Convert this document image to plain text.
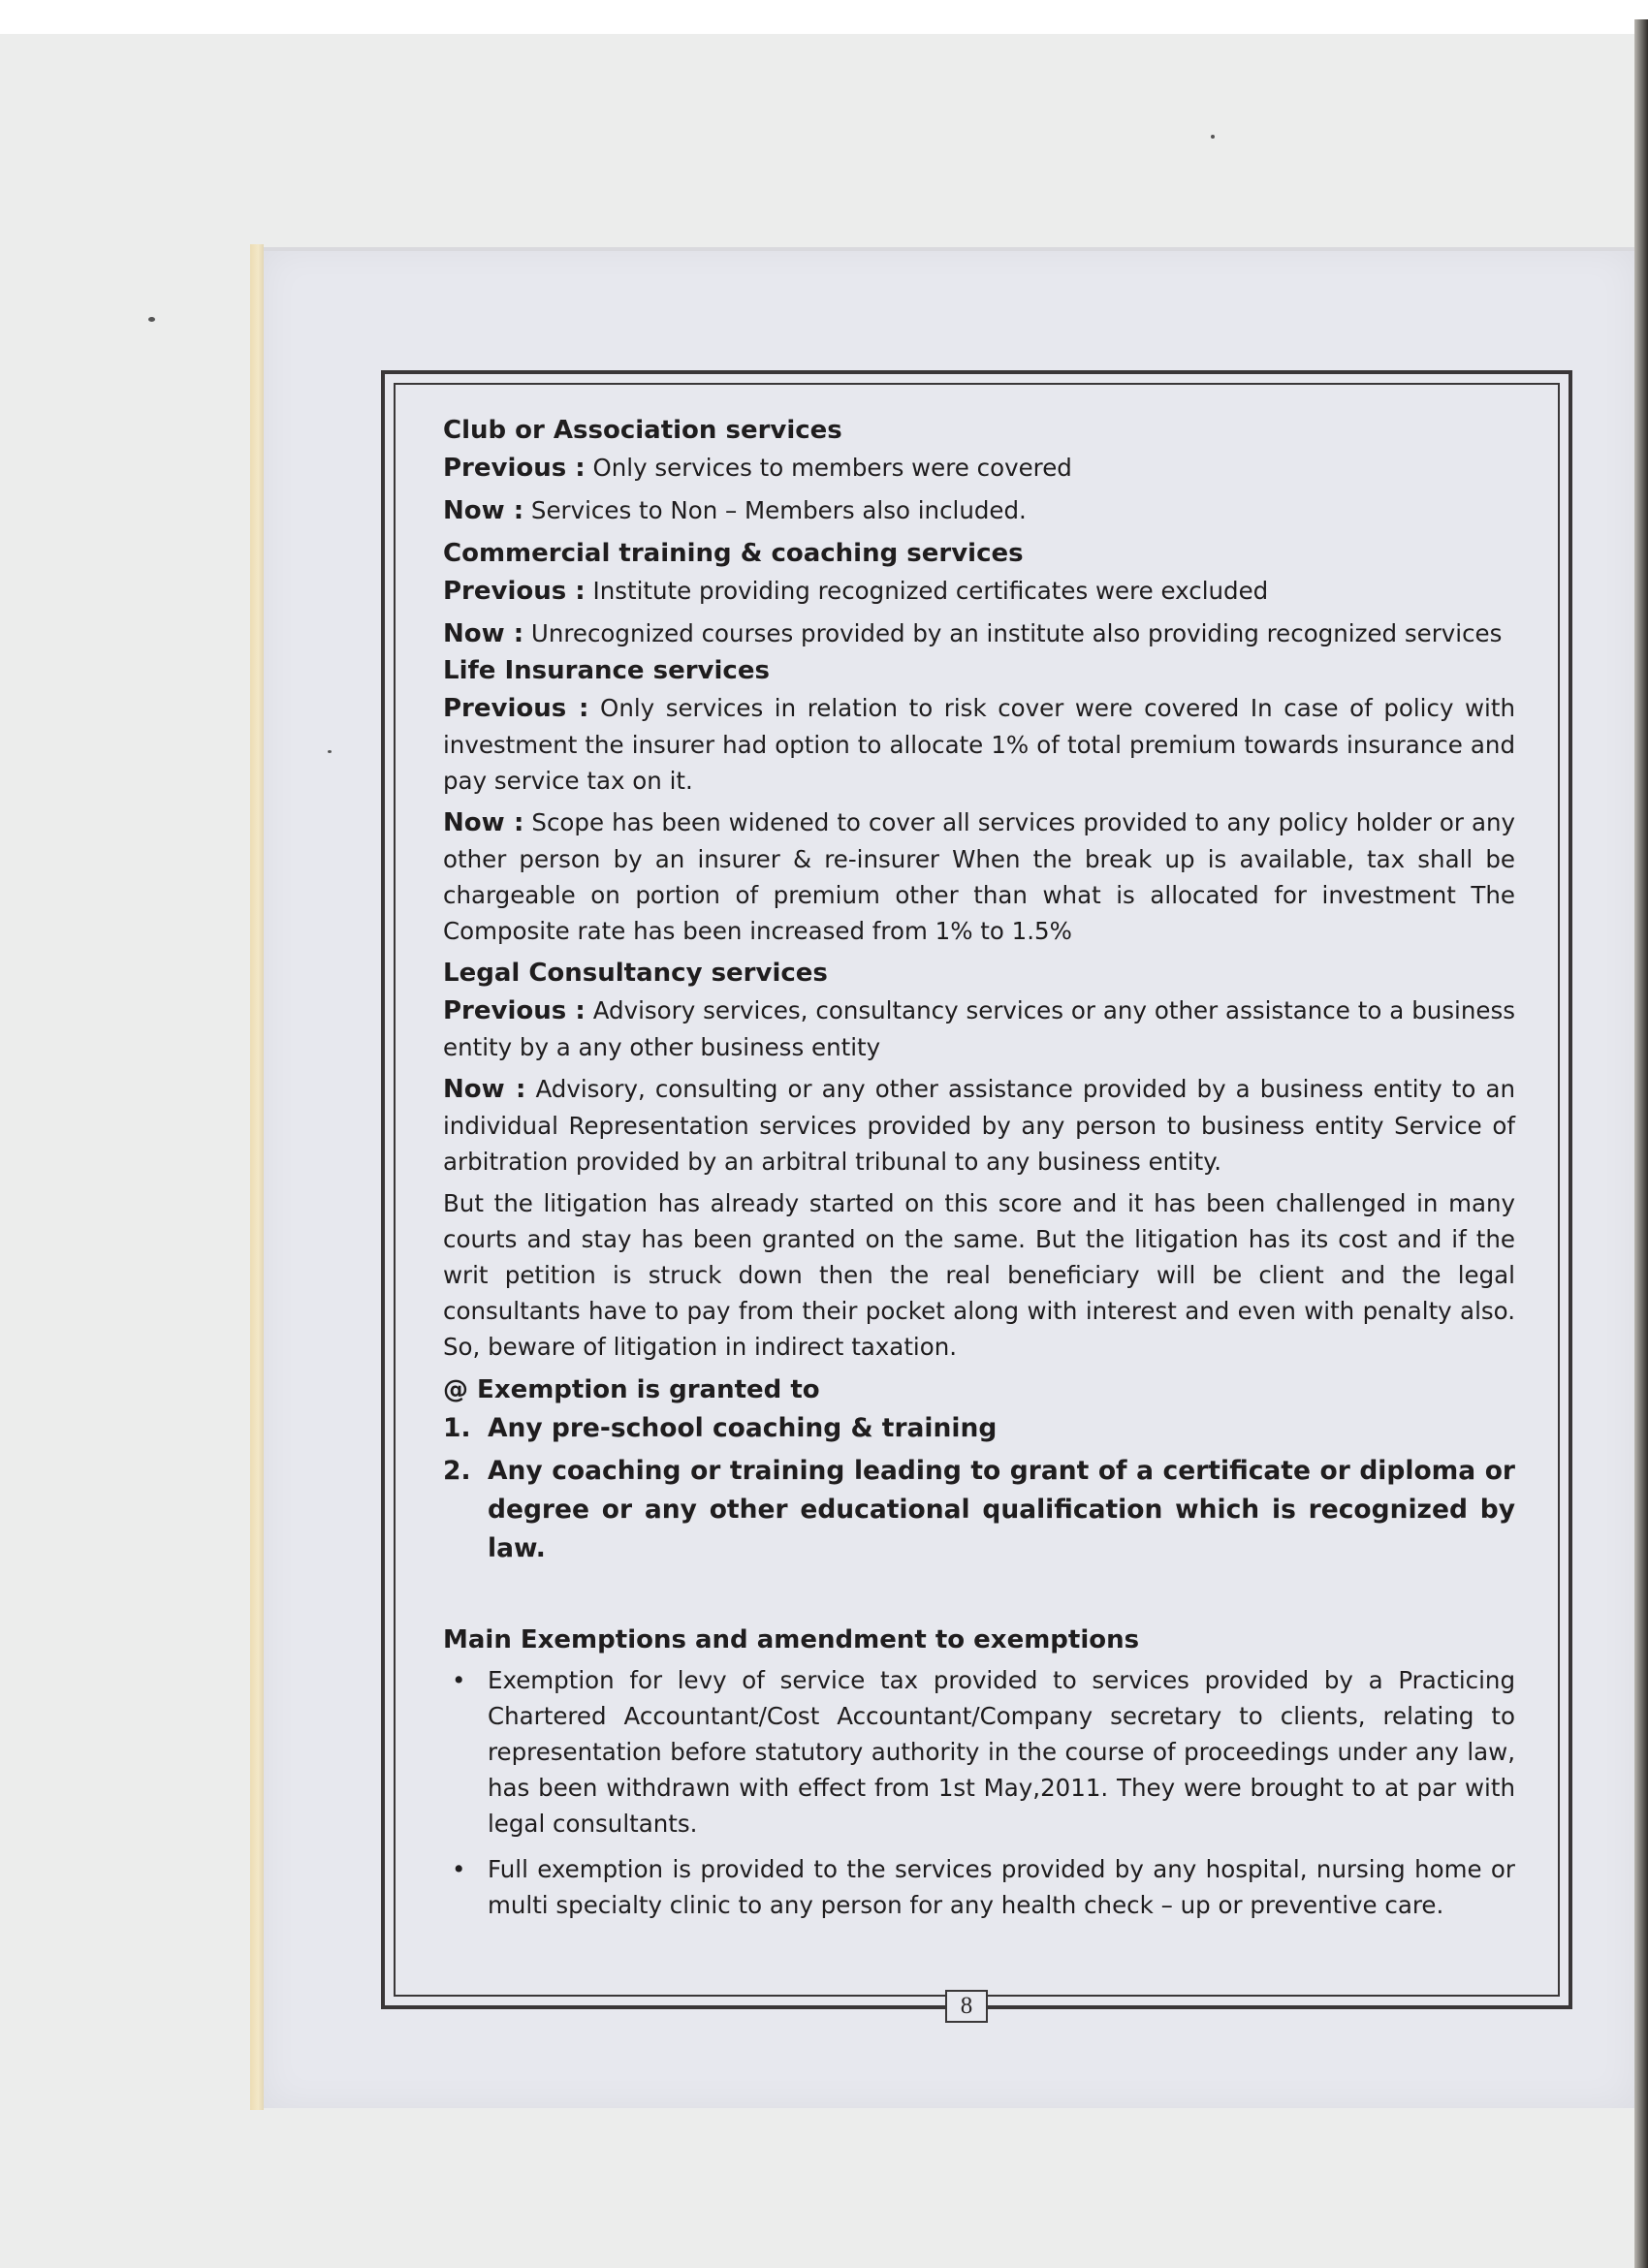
8

Club or Association services

Previous : Only services to members were covered

Now : Services to Non – Members also included.

Commercial training & coaching services

Previous : Institute providing recognized certificates were excluded

Now : Unrecognized courses provided by an institute also providing recognized services

Life Insurance services

Previous : Only services in relation to risk cover were covered In case of policy with investment the insurer had option to allocate 1% of total premium towards insurance and pay service tax on it.

Now : Scope has been widened to cover all services provided to any policy holder or any other person by an insurer & re-insurer When the break up is available, tax shall be chargeable on portion of premium other than what is allocated for investment The Composite rate has been increased from 1% to 1.5%

Legal Consultancy services

Previous : Advisory services, consultancy services or any other assistance to a business entity by a any other business entity

Now : Advisory, consulting or any other assistance provided by a business entity to an individual Representation services provided by any person to business entity Service of arbitration provided by an arbitral tribunal to any business entity.

But the litigation has already started on this score and it has been challenged in many courts and stay has been granted on the same. But the litigation has its cost and if the writ petition is struck down then the real beneficiary will be client and the legal consultants have to pay from their pocket along with interest and even with penalty also. So, beware of litigation in indirect taxation.

@ Exemption is granted to

1. Any pre-school coaching & training
2. Any coaching or training leading to grant of a certificate or diploma or degree or any other educational qualification which is recognized by law.

Main Exemptions and amendment to exemptions

• Exemption for levy of service tax provided to services provided by a Practicing Chartered Accountant/Cost Accountant/Company secretary to clients, relating to representation before statutory authority in the course of proceedings under any law, has been withdrawn with effect from 1st May,2011. They were brought to at par with legal consultants.
• Full exemption is provided to the services provided by any hospital, nursing home or multi specialty clinic to any person for any health check – up or preventive care.
